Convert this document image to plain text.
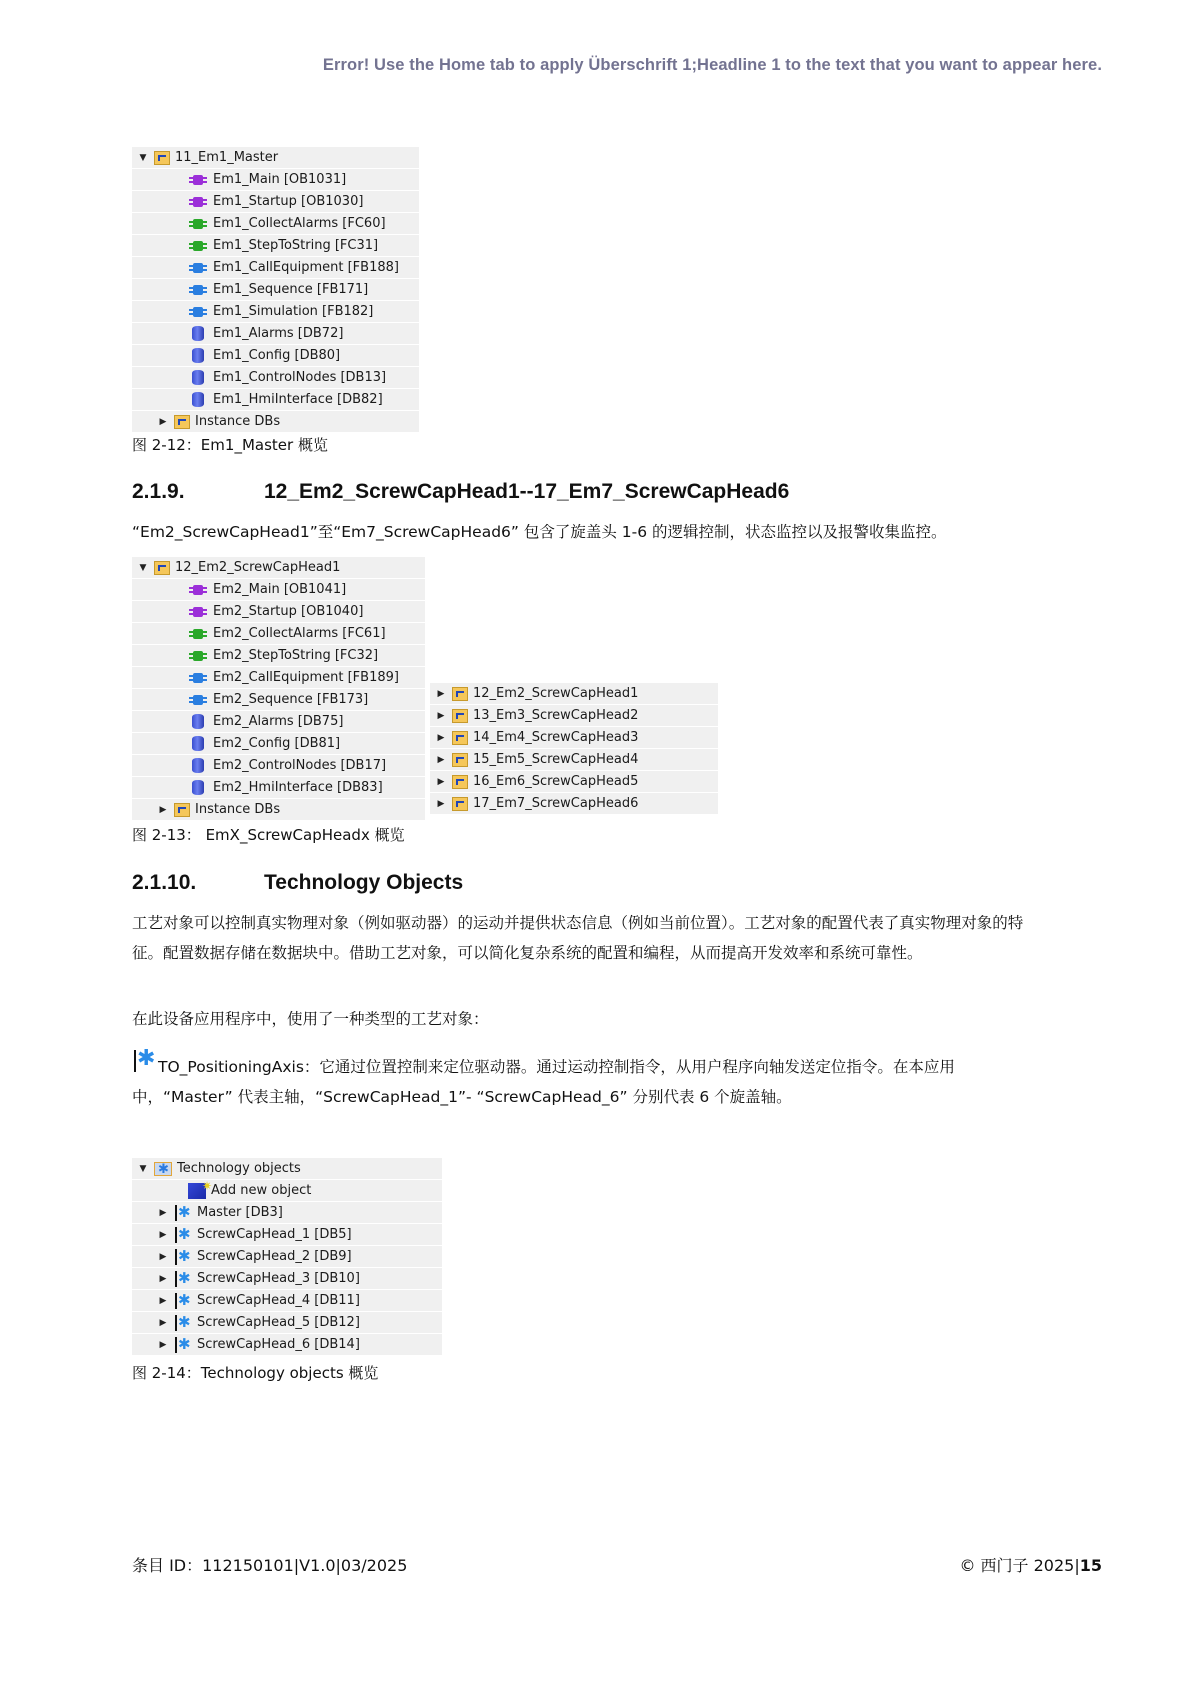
Error! Use the Home tab to apply Überschrift 1;Headline 1 to the text that you want to appear here.
▼ 11_Em1_Master
Em1_Main [OB1031]
Em1_Startup [OB1030]
Em1_CollectAlarms [FC60]
Em1_StepToString [FC31]
Em1_CallEquipment [FB188]
Em1_Sequence [FB171]
Em1_Simulation [FB182]
Em1_Alarms [DB72]
Em1_Config [DB80]
Em1_ControlNodes [DB13]
Em1_HmiInterface [DB82]
▶ Instance DBs
图 2-12：Em1_Master 概览
2.1.9.	12_Em2_ScrewCapHead1--17_Em7_ScrewCapHead6
“Em2_ScrewCapHead1”至“Em7_ScrewCapHead6” 包含了旋盖头 1-6 的逻辑控制，状态监控以及报警收集监控。
▼ 12_Em2_ScrewCapHead1
Em2_Main [OB1041]
Em2_Startup [OB1040]
Em2_CollectAlarms [FC61]
Em2_StepToString [FC32]
Em2_CallEquipment [FB189]
Em2_Sequence [FB173]
Em2_Alarms [DB75]
Em2_Config [DB81]
Em2_ControlNodes [DB17]
Em2_HmiInterface [DB83]
▶ Instance DBs
▶ 12_Em2_ScrewCapHead1
▶ 13_Em3_ScrewCapHead2
▶ 14_Em4_ScrewCapHead3
▶ 15_Em5_ScrewCapHead4
▶ 16_Em6_ScrewCapHead5
▶ 17_Em7_ScrewCapHead6
图 2-13： EmX_ScrewCapHeadx 概览
2.1.10.	Technology Objects
工艺对象可以控制真实物理对象（例如驱动器）的运动并提供状态信息（例如当前位置）。工艺对象的配置代表了真实物理对象的特征。配置数据存储在数据块中。借助工艺对象，可以简化复杂系统的配置和编程，从而提高开发效率和系统可靠性。
在此设备应用程序中，使用了一种类型的工艺对象：
✱TO_PositioningAxis：它通过位置控制来定位驱动器。通过运动控制指令，从用户程序向轴发送定位指令。在本应用中，“Master” 代表主轴，“ScrewCapHead_1”- “ScrewCapHead_6” 分别代表 6 个旋盖轴。
▼ ✱ Technology objects
✷
Add new object
▶ ✱ Master [DB3]
▶ ✱ ScrewCapHead_1 [DB5]
▶ ✱ ScrewCapHead_2 [DB9]
▶ ✱ ScrewCapHead_3 [DB10]
▶ ✱ ScrewCapHead_4 [DB11]
▶ ✱ ScrewCapHead_5 [DB12]
▶ ✱ ScrewCapHead_6 [DB14]
图 2-14：Technology objects 概览
条目 ID：112150101|V1.0|03/2025	© 西门子 2025|15
